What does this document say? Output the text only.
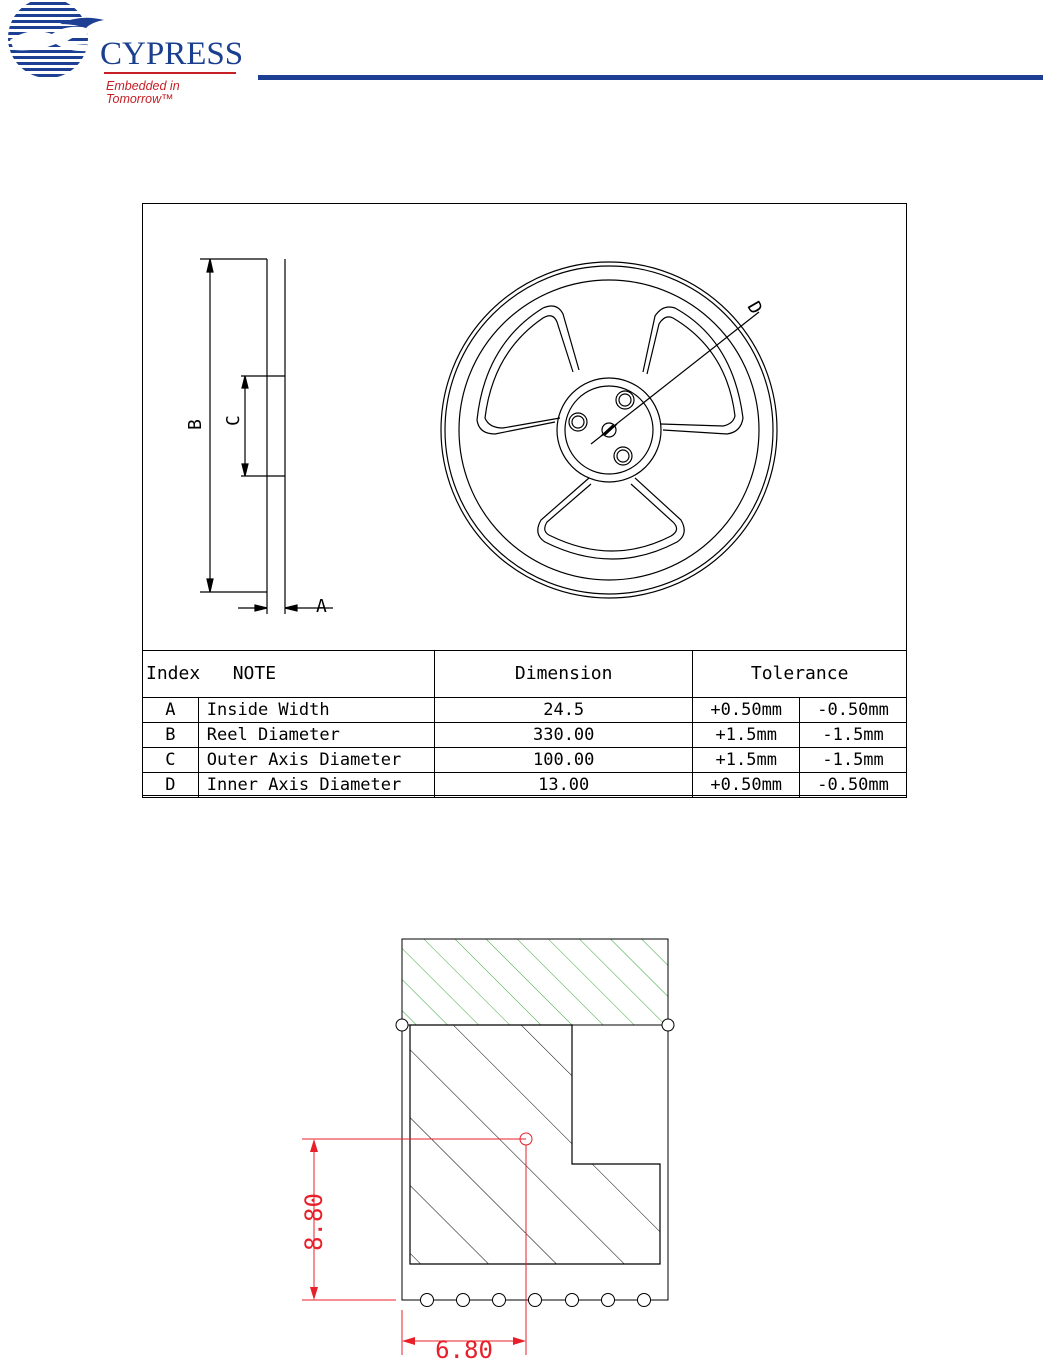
CYPRESS
Embedded in Tomorrow™
B C
A
D
Index NOTE		Dimension	Tolerance	
A	Inside Width	24.5	+0.50mm	-0.50mm
B	Reel Diameter	330.00	+1.5mm	-1.5mm
C	Outer Axis Diameter	100.00	+1.5mm	-1.5mm
D	Inner Axis Diameter	13.00	+0.50mm	-0.50mm
8.80
6.80
